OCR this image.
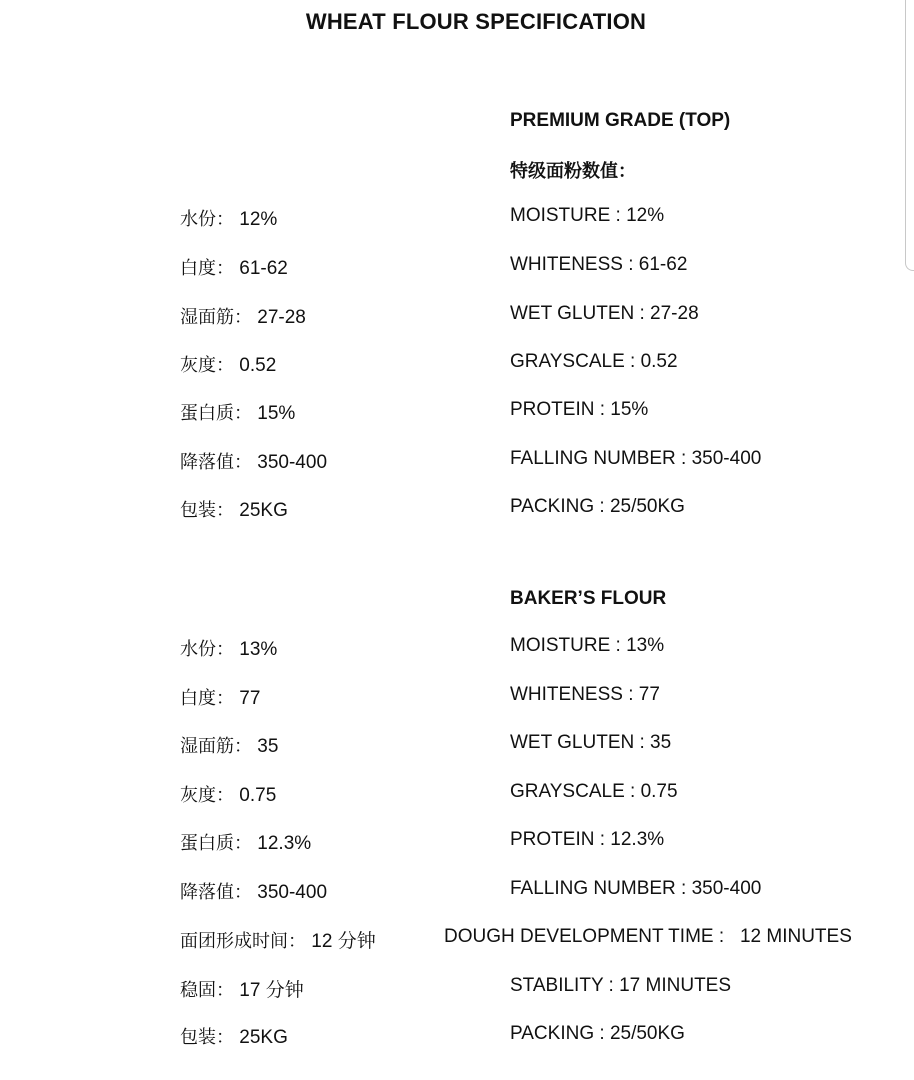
WHEAT FLOUR SPECIFICATION
PREMIUM GRADE (TOP)
特级面粉数值：
水份： 12%	MOISTURE : 12%
白度： 61-62	WHITENESS : 61-62
湿面筋： 27-28	WET GLUTEN : 27-28
灰度： 0.52	GRAYSCALE : 0.52
蛋白质： 15%	PROTEIN : 15%
降落值： 350-400	FALLING NUMBER : 350-400
包装： 25KG	PACKING : 25/50KG
BAKER’S FLOUR
水份： 13%	MOISTURE : 13%
白度： 77	WHITENESS : 77
湿面筋： 35	WET GLUTEN : 35
灰度： 0.75	GRAYSCALE : 0.75
蛋白质： 12.3%	PROTEIN : 12.3%
降落值： 350-400	FALLING NUMBER : 350-400
面团形成时间： 12 分钟	DOUGH DEVELOPMENT TIME :   12 MINUTES
稳固： 17 分钟	STABILITY : 17 MINUTES
包装： 25KG	PACKING : 25/50KG
